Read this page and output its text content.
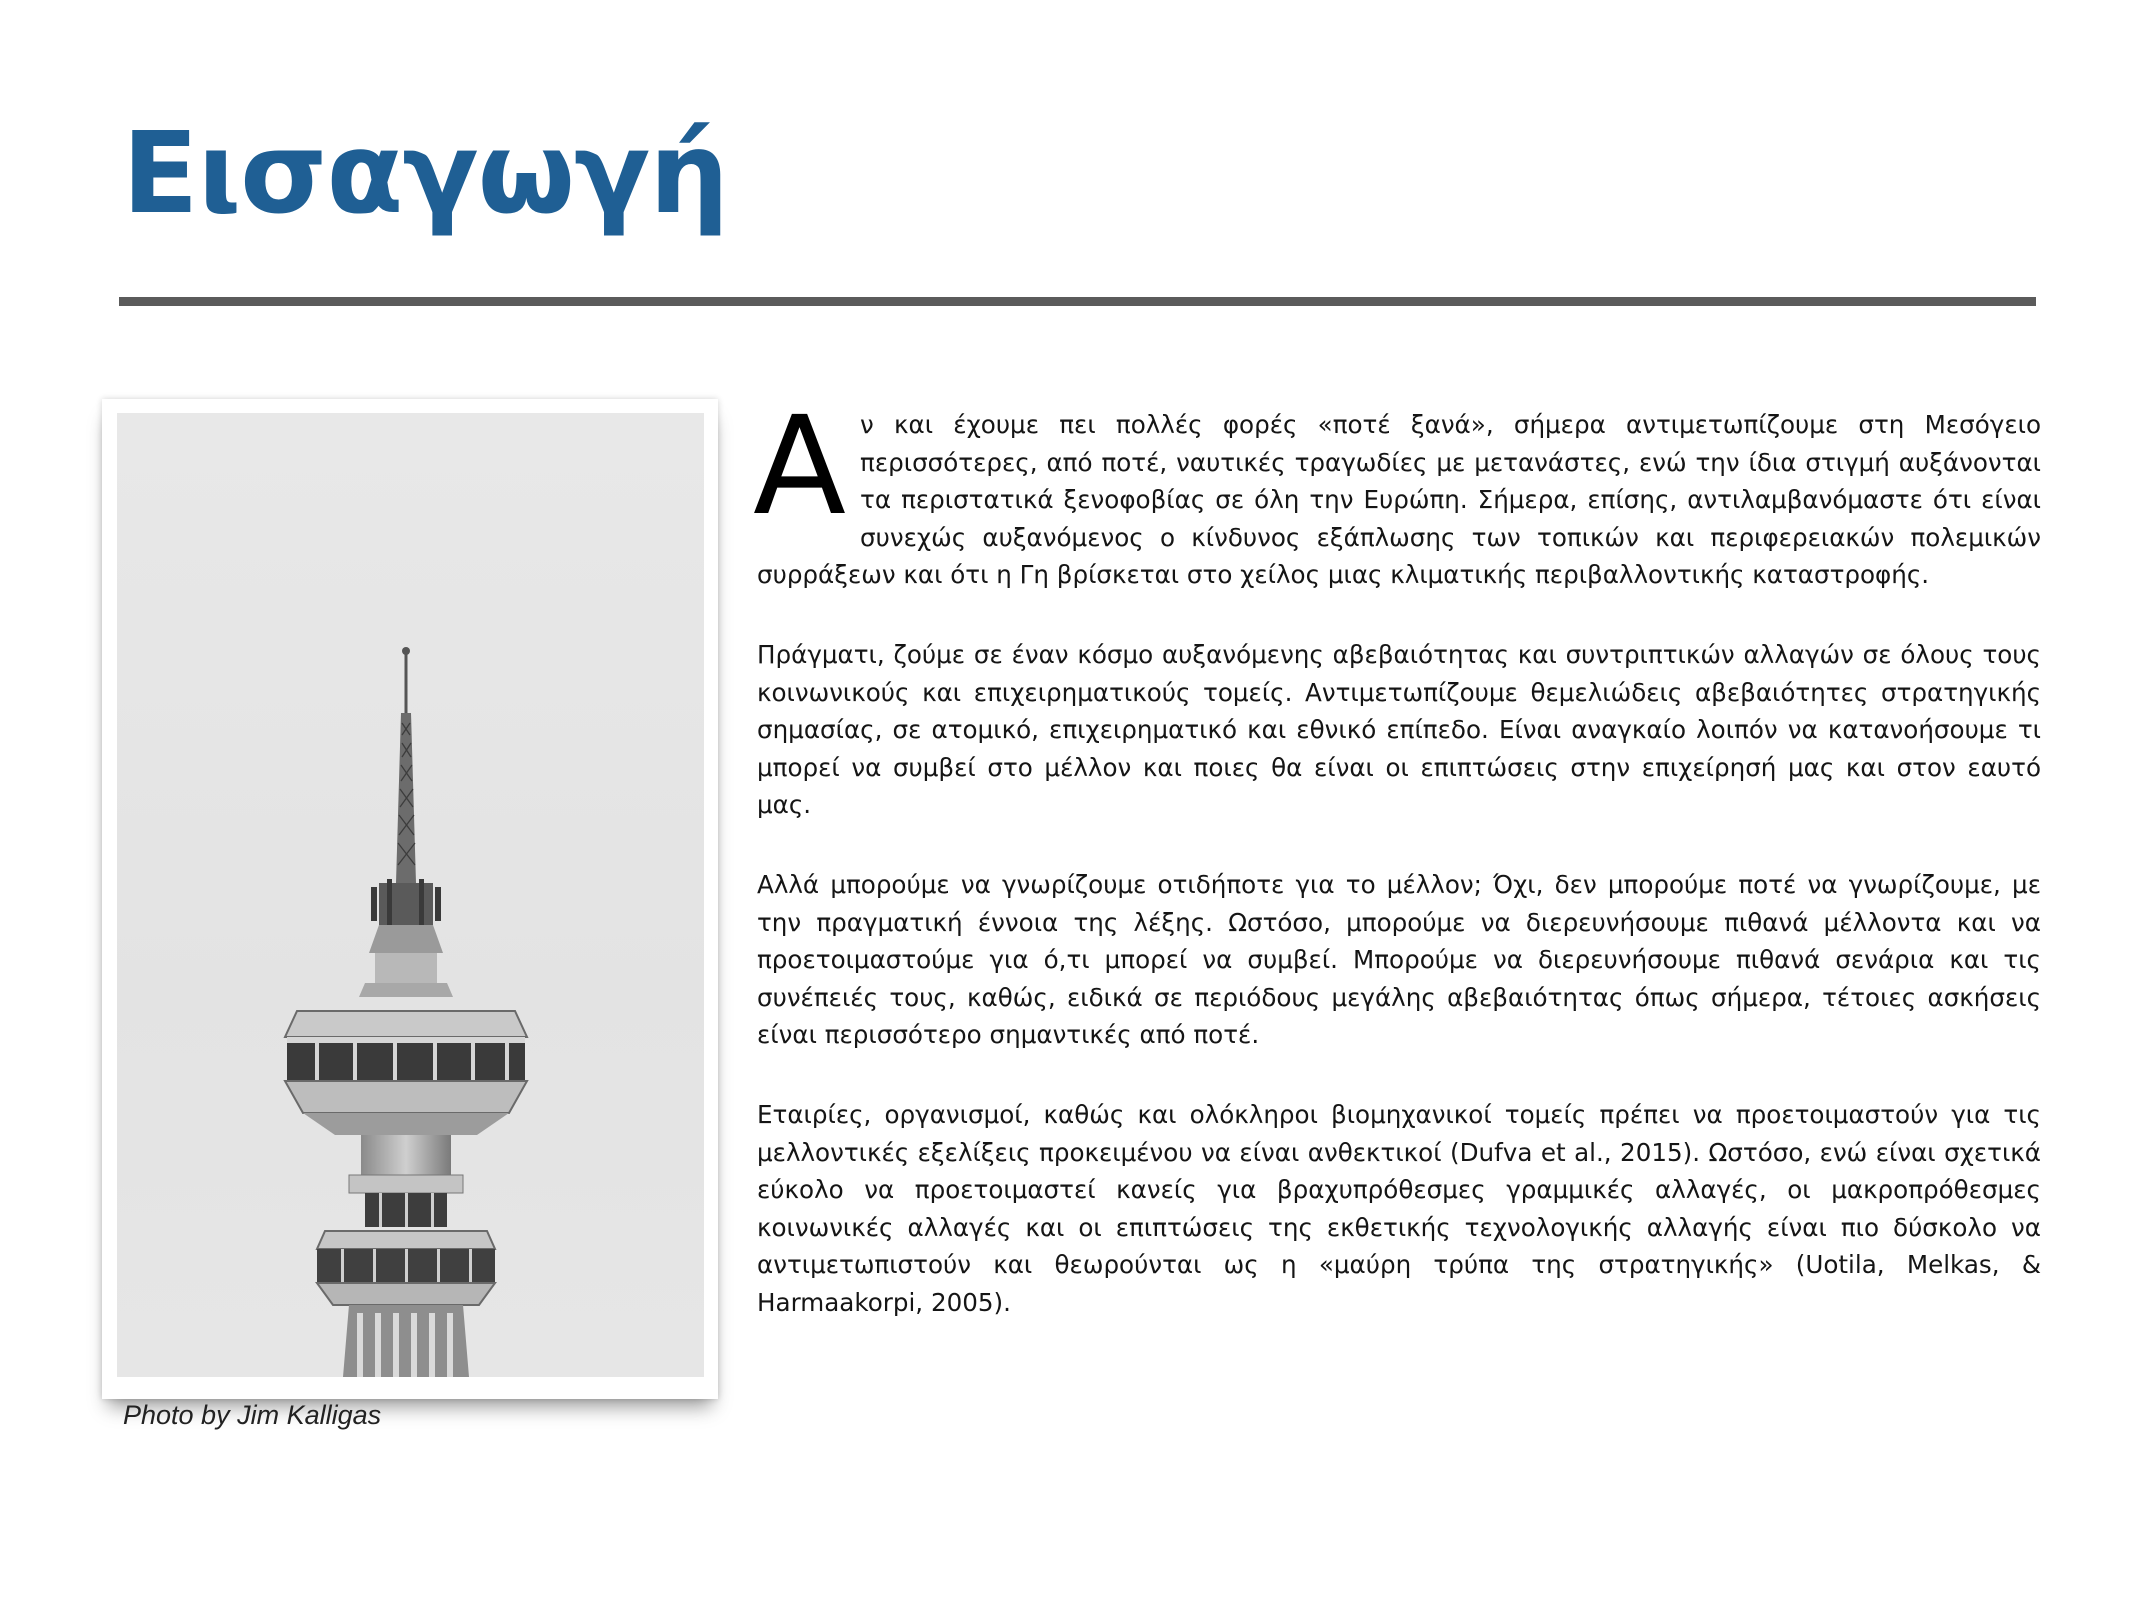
Εισαγωγή
Photo by Jim Kalligas

Αν και έχουμε πει πολλές φορές «ποτέ ξανά», σήμερα αντιμετωπίζουμε στη Μεσόγειο περισσότερες, από ποτέ, ναυτικές τραγωδίες με μετανάστες, ενώ την ίδια στιγμή αυξάνονται τα περιστατικά ξενοφοβίας σε όλη την Ευρώπη. Σήμερα, επίσης, αντιλαμβανόμαστε ότι είναι συνεχώς αυξανόμενος ο κίνδυνος εξάπλωσης των τοπικών και περιφερειακών πολεμικών συρράξεων και ότι η Γη βρίσκεται στο χείλος μιας κλιματικής περιβαλλοντικής καταστροφής.

Πράγματι, ζούμε σε έναν κόσμο αυξανόμενης αβεβαιότητας και συντριπτικών αλλαγών σε όλους τους κοινωνικούς και επιχειρηματικούς τομείς. Αντιμετωπίζουμε θεμελιώδεις αβεβαιότητες στρατηγικής σημασίας, σε ατομικό, επιχειρηματικό και εθνικό επίπεδο. Είναι αναγκαίο λοιπόν να κατανοήσουμε τι μπορεί να συμβεί στο μέλλον και ποιες θα είναι οι επιπτώσεις στην επιχείρησή μας και στον εαυτό μας.

Αλλά μπορούμε να γνωρίζουμε οτιδήποτε για το μέλλον; Όχι, δεν μπορούμε ποτέ να γνωρίζουμε, με την πραγματική έννοια της λέξης. Ωστόσο, μπορούμε να διερευνήσουμε πιθανά μέλλοντα και να προετοιμαστούμε για ό,τι μπορεί να συμβεί. Μπορούμε να διερευνήσουμε πιθανά σενάρια και τις συνέπειές τους, καθώς, ειδικά σε περιόδους μεγάλης αβεβαιότητας όπως σήμερα, τέτοιες ασκήσεις είναι περισσότερο σημαντικές από ποτέ.

Εταιρίες, οργανισμοί, καθώς και ολόκληροι βιομηχανικοί τομείς πρέπει να προετοιμαστούν για τις μελλοντικές εξελίξεις προκειμένου να είναι ανθεκτικοί (Dufva et al., 2015). Ωστόσο, ενώ είναι σχετικά εύκολο να προετοιμαστεί κανείς για βραχυπρόθεσμες γραμμικές αλλαγές, οι μακροπρόθεσμες κοινωνικές αλλαγές και οι επιπτώσεις της εκθετικής τεχνολογικής αλλαγής είναι πιο δύσκολο να αντιμετωπιστούν και θεωρούνται ως η «μαύρη τρύπα της στρατηγικής» (Uotila, Melkas, & Harmaakorpi, 2005).
